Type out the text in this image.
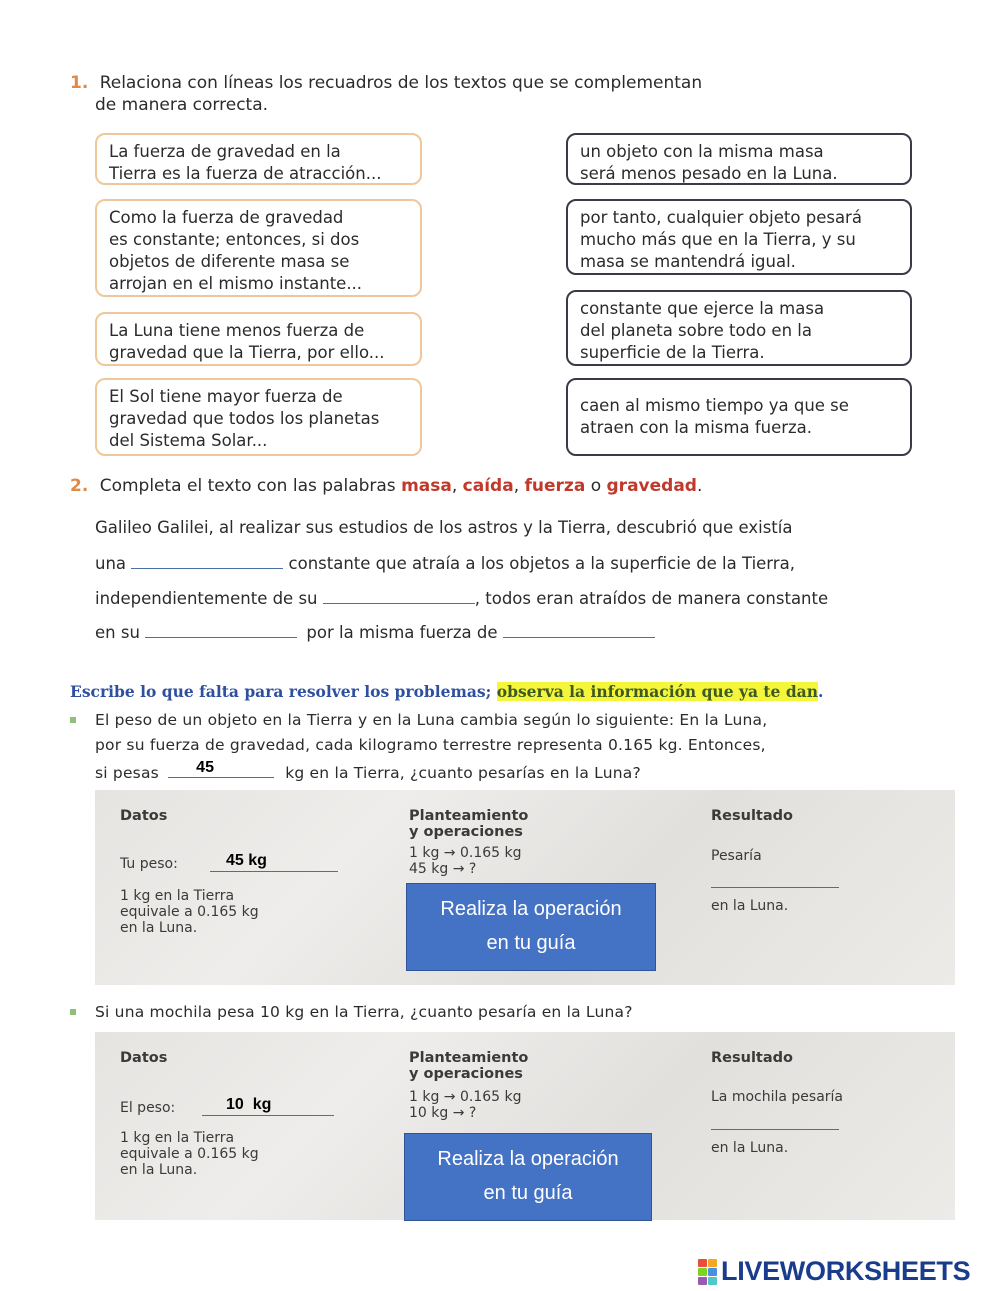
1. Relaciona con líneas los recuadros de los textos que se complementan
de manera correcta.
La fuerza de gravedad en la
Tierra es la fuerza de atracción...
Como la fuerza de gravedad
es constante; entonces, si dos
objetos de diferente masa se
arrojan en el mismo instante...
La Luna tiene menos fuerza de
gravedad que la Tierra, por ello...
El Sol tiene mayor fuerza de
gravedad que todos los planetas
del Sistema Solar...
un objeto con la misma masa
será menos pesado en la Luna.
por tanto, cualquier objeto pesará
mucho más que en la Tierra, y su
masa se mantendrá igual.
constante que ejerce la masa
del planeta sobre todo en la
superficie de la Tierra.
caen al mismo tiempo ya que se
atraen con la misma fuerza.
2. Completa el texto con las palabras masa, caída, fuerza o gravedad.
Galileo Galilei, al realizar sus estudios de los astros y la Tierra, descubrió que existía
una	constante que atraía a los objetos a la superficie de la Tierra,
independientemente de su	, todos eran atraídos de manera constante
en su	por la misma fuerza de
Escribe lo que falta para resolver los problemas; observa la información que ya te dan.
El peso de un objeto en la Tierra y en la Luna cambia según lo siguiente: En la Luna,
por su fuerza de gravedad, cada kilogramo terrestre representa 0.165 kg. Entonces,
si pesas 45	kg en la Tierra, ¿cuanto pesarías en la Luna?
Datos	Planteamiento
y operaciones
Resultado
Tu peso:	45 kg
1 kg en la Tierra
equivale a 0.165 kg
en la Luna.
1 kg → 0.165 kg
45 kg → ?
Pesaría
en la Luna.
Realiza la operación
en tu guía
Si una mochila pesa 10 kg en la Tierra, ¿cuanto pesaría en la Luna?
Datos	Planteamiento
y operaciones
Resultado
El peso:	10  kg
1 kg en la Tierra
equivale a 0.165 kg
en la Luna.
1 kg → 0.165 kg
10 kg → ?
La mochila pesaría
en la Luna.
Realiza la operación
en tu guía
LIVEWORKSHEETS
